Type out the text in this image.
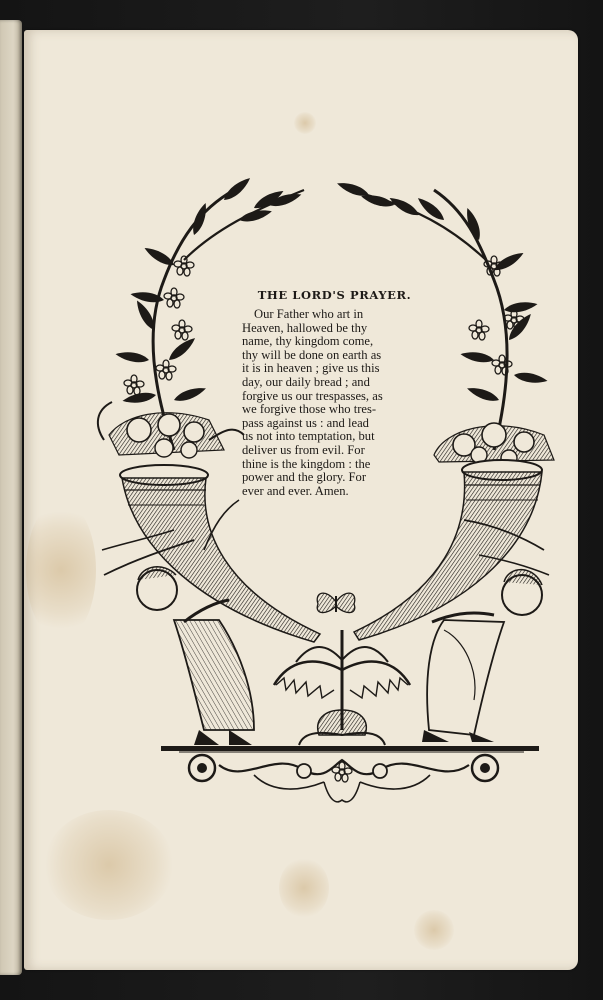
THE LORD'S PRAYER.

Our Father who art in
Heaven, hallowed be thy
name, thy kingdom come,
thy will be done on earth as
it is in heaven ; give us this
day, our daily bread ; and
forgive us our trespasses, as
we forgive those who tres-
pass against us : and lead
us not into temptation, but
deliver us from evil. For
thine is the kingdom : the
power and the glory. For
ever and ever. Amen.
